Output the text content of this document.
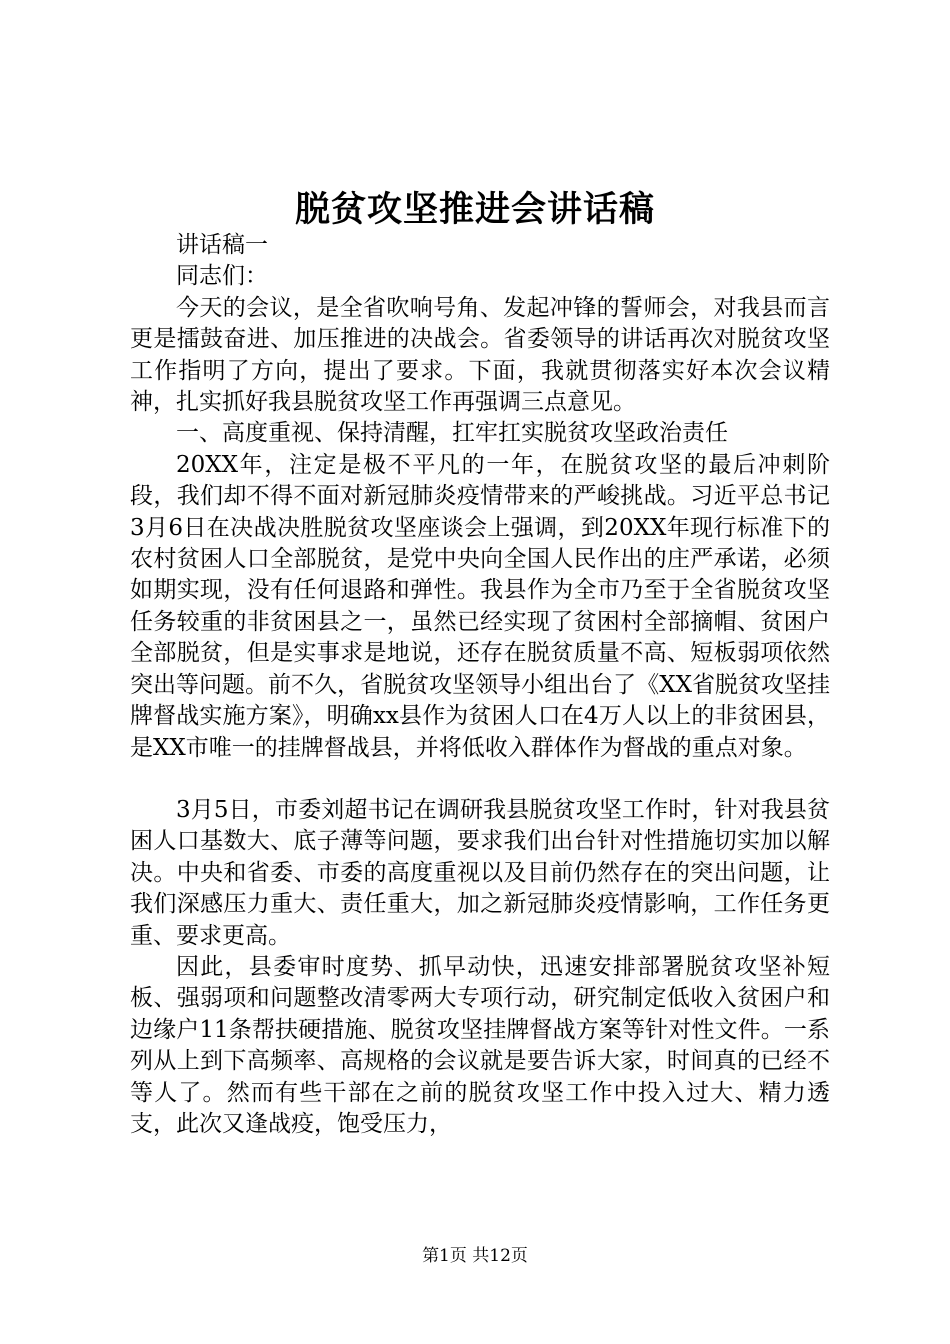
脱贫攻坚推进会讲话稿

讲话稿一

同志们：

今天的会议，是全省吹响号角、发起冲锋的誓师会，对我县而言更是擂鼓奋进、加压推进的决战会。省委领导的讲话再次对脱贫攻坚工作指明了方向，提出了要求。下面，我就贯彻落实好本次会议精神，扎实抓好我县脱贫攻坚工作再强调三点意见。

一、高度重视、保持清醒，扛牢扛实脱贫攻坚政治责任

20XX年，注定是极不平凡的一年，在脱贫攻坚的最后冲刺阶段，我们却不得不面对新冠肺炎疫情带来的严峻挑战。习近平总书记3月6日在决战决胜脱贫攻坚座谈会上强调，到20XX年现行标准下的农村贫困人口全部脱贫，是党中央向全国人民作出的庄严承诺，必须如期实现，没有任何退路和弹性。我县作为全市乃至于全省脱贫攻坚任务较重的非贫困县之一，虽然已经实现了贫困村全部摘帽、贫困户全部脱贫，但是实事求是地说，还存在脱贫质量不高、短板弱项依然突出等问题。前不久，省脱贫攻坚领导小组出台了《XX省脱贫攻坚挂牌督战实施方案》，明确xx县作为贫困人口在4万人以上的非贫困县，是XX市唯一的挂牌督战县，并将低收入群体作为督战的重点对象。

3月5日，市委刘超书记在调研我县脱贫攻坚工作时，针对我县贫困人口基数大、底子薄等问题，要求我们出台针对性措施切实加以解决。中央和省委、市委的高度重视以及目前仍然存在的突出问题，让我们深感压力重大、责任重大，加之新冠肺炎疫情影响，工作任务更重、要求更高。

因此，县委审时度势、抓早动快，迅速安排部署脱贫攻坚补短板、强弱项和问题整改清零两大专项行动，研究制定低收入贫困户和边缘户11条帮扶硬措施、脱贫攻坚挂牌督战方案等针对性文件。一系列从上到下高频率、高规格的会议就是要告诉大家，时间真的已经不等人了。然而有些干部在之前的脱贫攻坚工作中投入过大、精力透支，此次又逢战疫，饱受压力，

第1页 共12页
